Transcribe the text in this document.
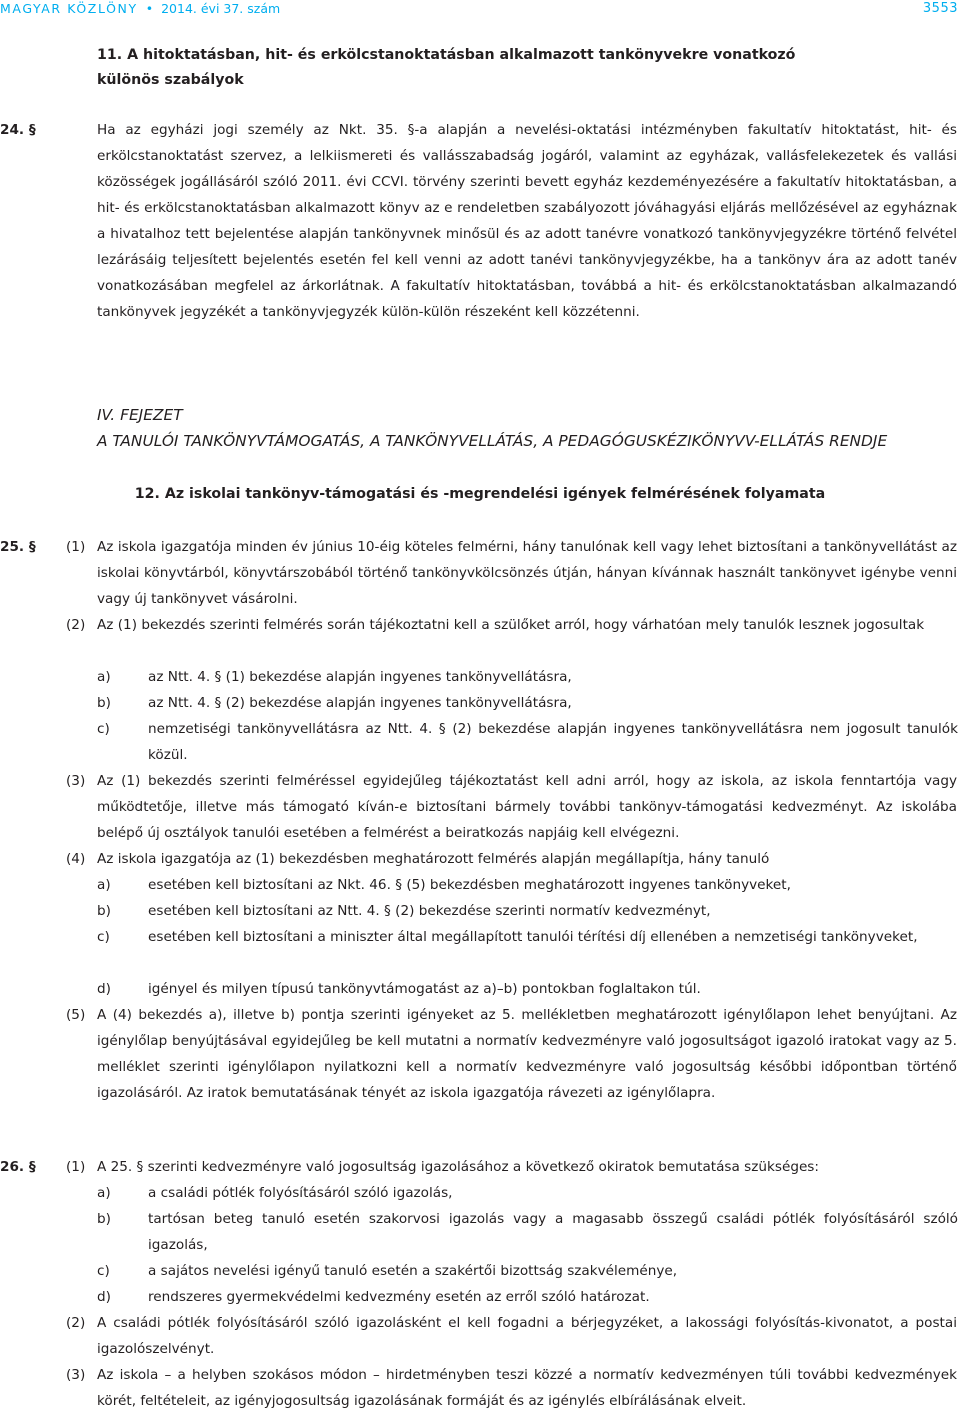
MAGYAR KÖZLÖNY • 2014. évi 37. szám	3553
11. A hitoktatásban, hit- és erkölcstanoktatásban alkalmazott tankönyvekre vonatkozó különös szabályok
24. §	Ha az egyházi jogi személy az Nkt. 35. §-a alapján a nevelési-oktatási intézményben fakultatív hitoktatást, hit- és erkölcstanoktatást szervez, a lelkiismereti és vallásszabadság jogáról, valamint az egyházak, vallásfelekezetek és vallási közösségek jogállásáról szóló 2011. évi CCVI. törvény szerinti bevett egyház kezdeményezésére a fakultatív hitoktatásban, a hit- és erkölcstanoktatásban alkalmazott könyv az e rendeletben szabályozott jóváhagyási eljárás mellőzésével az egyháznak a hivatalhoz tett bejelentése alapján tankönyvnek minősül és az adott tanévre vonatkozó tankönyvjegyzékre történő felvétel lezárásáig teljesített bejelentés esetén fel kell venni az adott tanévi tankönyvjegyzékbe, ha a tankönyv ára az adott tanév vonatkozásában megfelel az árkorlátnak. A fakultatív hitoktatásban, továbbá a hit- és erkölcstanoktatásban alkalmazandó tankönyvek jegyzékét a tankönyvjegyzék külön-külön részeként kell közzétenni.
IV. FEJEZET
A TANULÓI TANKÖNYVTÁMOGATÁS, A TANKÖNYVELLÁTÁS, A PEDAGÓGUSKÉZIKÖNYVV-ELLÁTÁS RENDJE
12. Az iskolai tankönyv-támogatási és -megrendelési igények felmérésének folyamata
25. § (1) Az iskola igazgatója minden év június 10-éig köteles felmérni, hány tanulónak kell vagy lehet biztosítani a tankönyvellátást az iskolai könyvtárból, könyvtárszobából történő tankönyvkölcsönzés útján, hányan kívánnak használt tankönyvet igénybe venni vagy új tankönyvet vásárolni.
(2) Az (1) bekezdés szerinti felmérés során tájékoztatni kell a szülőket arról, hogy várhatóan mely tanulók lesznek jogosultak
a)	az Ntt. 4. § (1) bekezdése alapján ingyenes tankönyvellátásra,
b)	az Ntt. 4. § (2) bekezdése alapján ingyenes tankönyvellátásra,
c)	nemzetiségi tankönyvellátásra az Ntt. 4. § (2) bekezdése alapján ingyenes tankönyvellátásra nem jogosult tanulók közül.
(3) Az (1) bekezdés szerinti felméréssel egyidejűleg tájékoztatást kell adni arról, hogy az iskola, az iskola fenntartója vagy működtetője, illetve más támogató kíván-e biztosítani bármely további tankönyv-támogatási kedvezményt. Az iskolába belépő új osztályok tanulói esetében a felmérést a beiratkozás napjáig kell elvégezni.
(4) Az iskola igazgatója az (1) bekezdésben meghatározott felmérés alapján megállapítja, hány tanuló
a)	esetében kell biztosítani az Nkt. 46. § (5) bekezdésben meghatározott ingyenes tankönyveket,
b)	esetében kell biztosítani az Ntt. 4. § (2) bekezdése szerinti normatív kedvezményt,
c)	esetében kell biztosítani a miniszter által megállapított tanulói térítési díj ellenében a nemzetiségi tankönyveket,
d)	igényel és milyen típusú tankönyvtámogatást az a)–b) pontokban foglaltakon túl.
(5) A (4) bekezdés a), illetve b) pontja szerinti igényeket az 5. mellékletben meghatározott igénylőlapon lehet benyújtani. Az igénylőlap benyújtásával egyidejűleg be kell mutatni a normatív kedvezményre való jogosultságot igazoló iratokat vagy az 5. melléklet szerinti igénylőlapon nyilatkozni kell a normatív kedvezményre való jogosultság későbbi időpontban történő igazolásáról. Az iratok bemutatásának tényét az iskola igazgatója rávezeti az igénylőlapra.
26. § (1) A 25. § szerinti kedvezményre való jogosultság igazolásához a következő okiratok bemutatása szükséges:
a)	a családi pótlék folyósításáról szóló igazolás,
b)	tartósan beteg tanuló esetén szakorvosi igazolás vagy a magasabb összegű családi pótlék folyósításáról szóló igazolás,
c)	a sajátos nevelési igényű tanuló esetén a szakértői bizottság szakvéleménye,
d)	rendszeres gyermekvédelmi kedvezmény esetén az erről szóló határozat.
(2) A családi pótlék folyósításáról szóló igazolásként el kell fogadni a bérjegyzéket, a lakossági folyósítás-kivonatot, a postai igazolószelvényt.
(3) Az iskola – a helyben szokásos módon – hirdetményben teszi közzé a normatív kedvezményen túli további kedvezmények körét, feltételeit, az igényjogosultság igazolásának formáját és az igénylés elbírálásának elveit.
